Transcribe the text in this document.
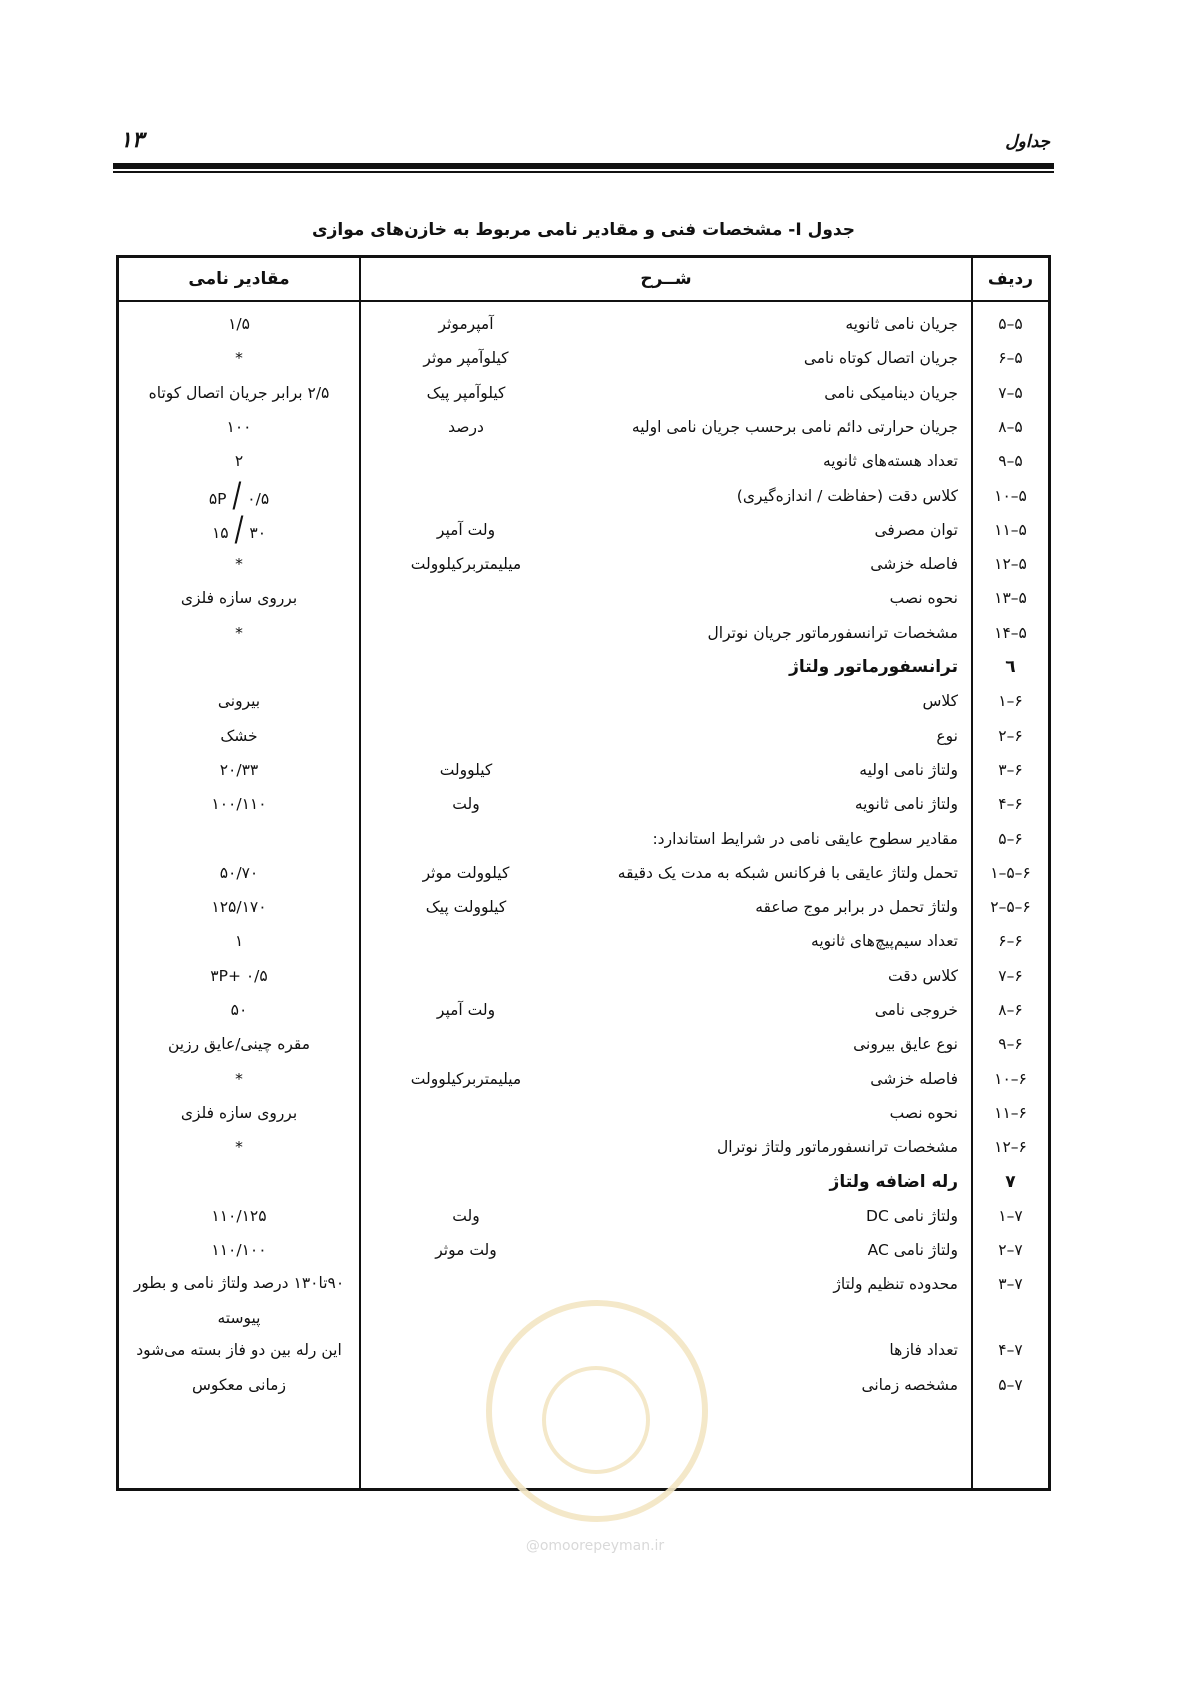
جداول
۱۳
جدول I- مشخصات فنی و مقادیر نامی مربوط به خازن‌های موازی
ردیف
شــرح
مقادیر نامی
۵–۵
جریان نامی ثانویه
آمپرموثر
۱/۵
۵–۶
جریان اتصال کوتاه نامی
کیلوآمپر موثر
*
۵–۷
جریان دینامیکی نامی
کیلوآمپر پیک
۲/۵ برابر جریان اتصال کوتاه
۵–۸
جریان حرارتی دائم نامی برحسب جریان نامی اولیه
درصد
۱۰۰
۵–۹
تعداد هسته‌های ثانویه
۲
۵–۱۰
کلاس دقت (حفاظت / اندازه‌گیری)
۵P / ۰/۵
۵–۱۱
توان مصرفی
ولت آمپر
۳۰/۱۵
۵–۱۲
فاصله خزشی
میلیمتربرکیلوولت
*
۵–۱۳
نحوه نصب
برروی سازه فلزی
۵–۱۴
مشخصات ترانسفورماتور جریان نوترال
*
٦
ترانسفورماتور ولتاژ
۶–۱
کلاس
بیرونی
۶–۲
نوع
خشک
۶–۳
ولتاژ نامی اولیه
کیلوولت
۲۰/۳۳
۶–۴
ولتاژ نامی ثانویه
ولت
۱۰۰/۱۱۰
۶–۵
مقادیر سطوح عایقی نامی در شرایط استاندارد:
۶–۵–۱
تحمل ولتاژ عایقی با فرکانس شبکه به مدت یک دقیقه
کیلوولت موثر
۵۰/۷۰
۶–۵–۲
ولتاژ تحمل در برابر موج صاعقه
کیلوولت پیک
۱۲۵/۱۷۰
۶–۶
تعداد سیم‌پیچ‌های ثانویه
۱
۶–۷
کلاس دقت
۰/۵ +۳P
۶–۸
خروجی نامی
ولت آمپر
۵۰
۶–۹
نوع عایق بیرونی
مقره چینی/عایق رزین
۶–۱۰
فاصله خزشی
میلیمتربرکیلوولت
*
۶–۱۱
نحوه نصب
برروی سازه فلزی
۶–۱۲
مشخصات ترانسفورماتور ولتاژ نوترال
*
۷
رله اضافه ولتاژ
۷–۱
ولتاژ نامی DC
ولت
۱۱۰/۱۲۵
۷–۲
ولتاژ نامی AC
ولت موثر
۱۱۰/۱۰۰
۷–۳
محدوده تنظیم ولتاژ
۹۰تا۱۳۰ درصد ولتاژ نامی و بطور پیوسته
۷–۴
تعداد فازها
این رله بین دو فاز بسته می‌شود
۷–۵
مشخصه زمانی
زمانی معکوس
@omoorepeyman.ir
